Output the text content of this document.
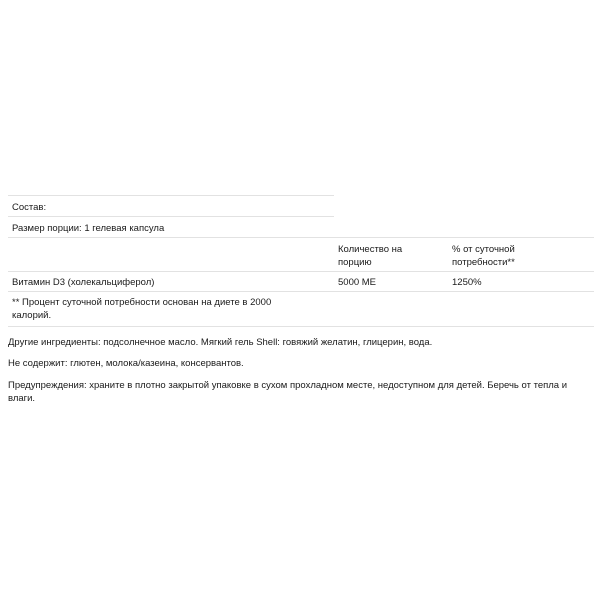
Состав:
Размер порции: 1 гелевая капсула
Количество на порцию
% от суточной потребности**
Витамин D3 (холекальциферол)	5000 МЕ	1250%
** Процент суточной потребности основан на диете в 2000 калорий.
Другие ингредиенты: подсолнечное масло. Мягкий гель Shell: говяжий желатин, глицерин, вода.
Не содержит: глютен, молока/казеина, консервантов.
Предупреждения: храните в плотно закрытой упаковке в сухом прохладном месте, недоступном для детей. Беречь от тепла и влаги.
